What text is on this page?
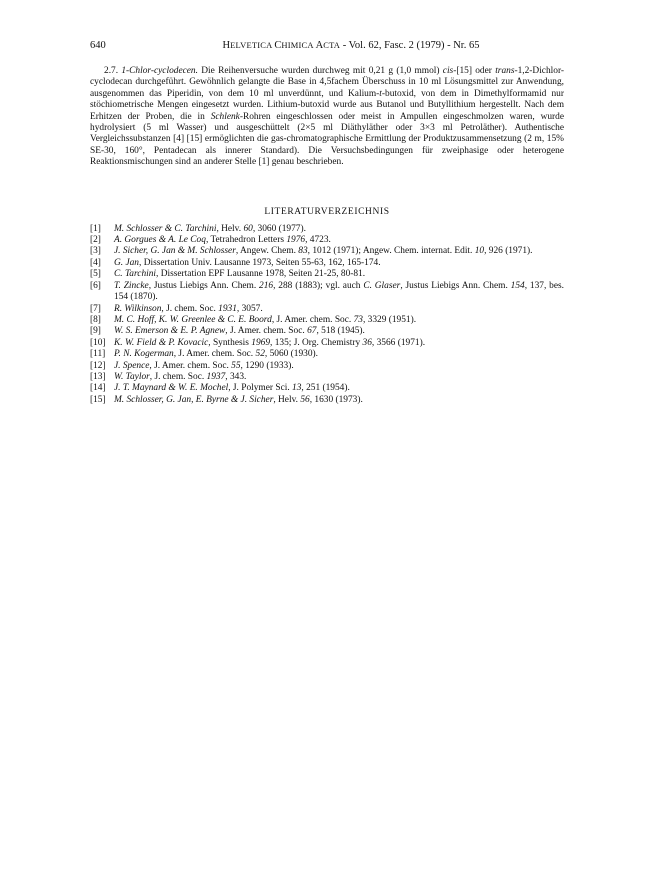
640	HELVETICA CHIMICA ACTA - Vol. 62, Fasc. 2 (1979) - Nr. 65

2.7. 1-Chlor-cyclodecen. Die Reihenversuche wurden durchweg mit 0,21 g (1,0 mmol) cis-[15] oder trans-1,2-Dichlor-cyclodecan durchgeführt. Gewöhnlich gelangte die Base in 4,5fachem Überschuss in 10 ml Lösungsmittel zur Anwendung, ausgenommen das Piperidin, von dem 10 ml unverdünnt, und Kalium-t-butoxid, von dem in Dimethylformamid nur stöchiometrische Mengen eingesetzt wurden. Lithium-butoxid wurde aus Butanol und Butyllithium hergestellt. Nach dem Erhitzen der Proben, die in Schlenk-Rohren eingeschlossen oder meist in Ampullen eingeschmolzen waren, wurde hydrolysiert (5 ml Wasser) und ausgeschüttelt (2×5 ml Diäthyläther oder 3×3 ml Petroläther). Authentische Vergleichssubstanzen [4] [15] ermöglichten die gas-chromatographische Ermittlung der Produktzusammensetzung (2 m, 15% SE-30, 160°, Pentadecan als innerer Standard). Die Versuchsbedingungen für zweiphasige oder heterogene Reaktionsmischungen sind an anderer Stelle [1] genau beschrieben.

LITERATURVERZEICHNIS
[1]	M. Schlosser & C. Tarchini, Helv. 60, 3060 (1977).
[2]	A. Gorgues & A. Le Coq, Tetrahedron Letters 1976, 4723.
[3]	J. Sicher, G. Jan & M. Schlosser, Angew. Chem. 83, 1012 (1971); Angew. Chem. internat. Edit. 10, 926 (1971).
[4]	G. Jan, Dissertation Univ. Lausanne 1973, Seiten 55-63, 162, 165-174.
[5]	C. Tarchini, Dissertation EPF Lausanne 1978, Seiten 21-25, 80-81.
[6]	T. Zincke, Justus Liebigs Ann. Chem. 216, 288 (1883); vgl. auch C. Glaser, Justus Liebigs Ann. Chem. 154, 137, bes. 154 (1870).
[7]	R. Wilkinson, J. chem. Soc. 1931, 3057.
[8]	M. C. Hoff, K. W. Greenlee & C. E. Boord, J. Amer. chem. Soc. 73, 3329 (1951).
[9]	W. S. Emerson & E. P. Agnew, J. Amer. chem. Soc. 67, 518 (1945).
[10] K. W. Field & P. Kovacic, Synthesis 1969, 135; J. Org. Chemistry 36, 3566 (1971).
[11] P. N. Kogerman, J. Amer. chem. Soc. 52, 5060 (1930).
[12] J. Spence, J. Amer. chem. Soc. 55, 1290 (1933).
[13] W. Taylor, J. chem. Soc. 1937, 343.
[14] J. T. Maynard & W. E. Mochel, J. Polymer Sci. 13, 251 (1954).
[15] M. Schlosser, G. Jan, E. Byrne & J. Sicher, Helv. 56, 1630 (1973).
